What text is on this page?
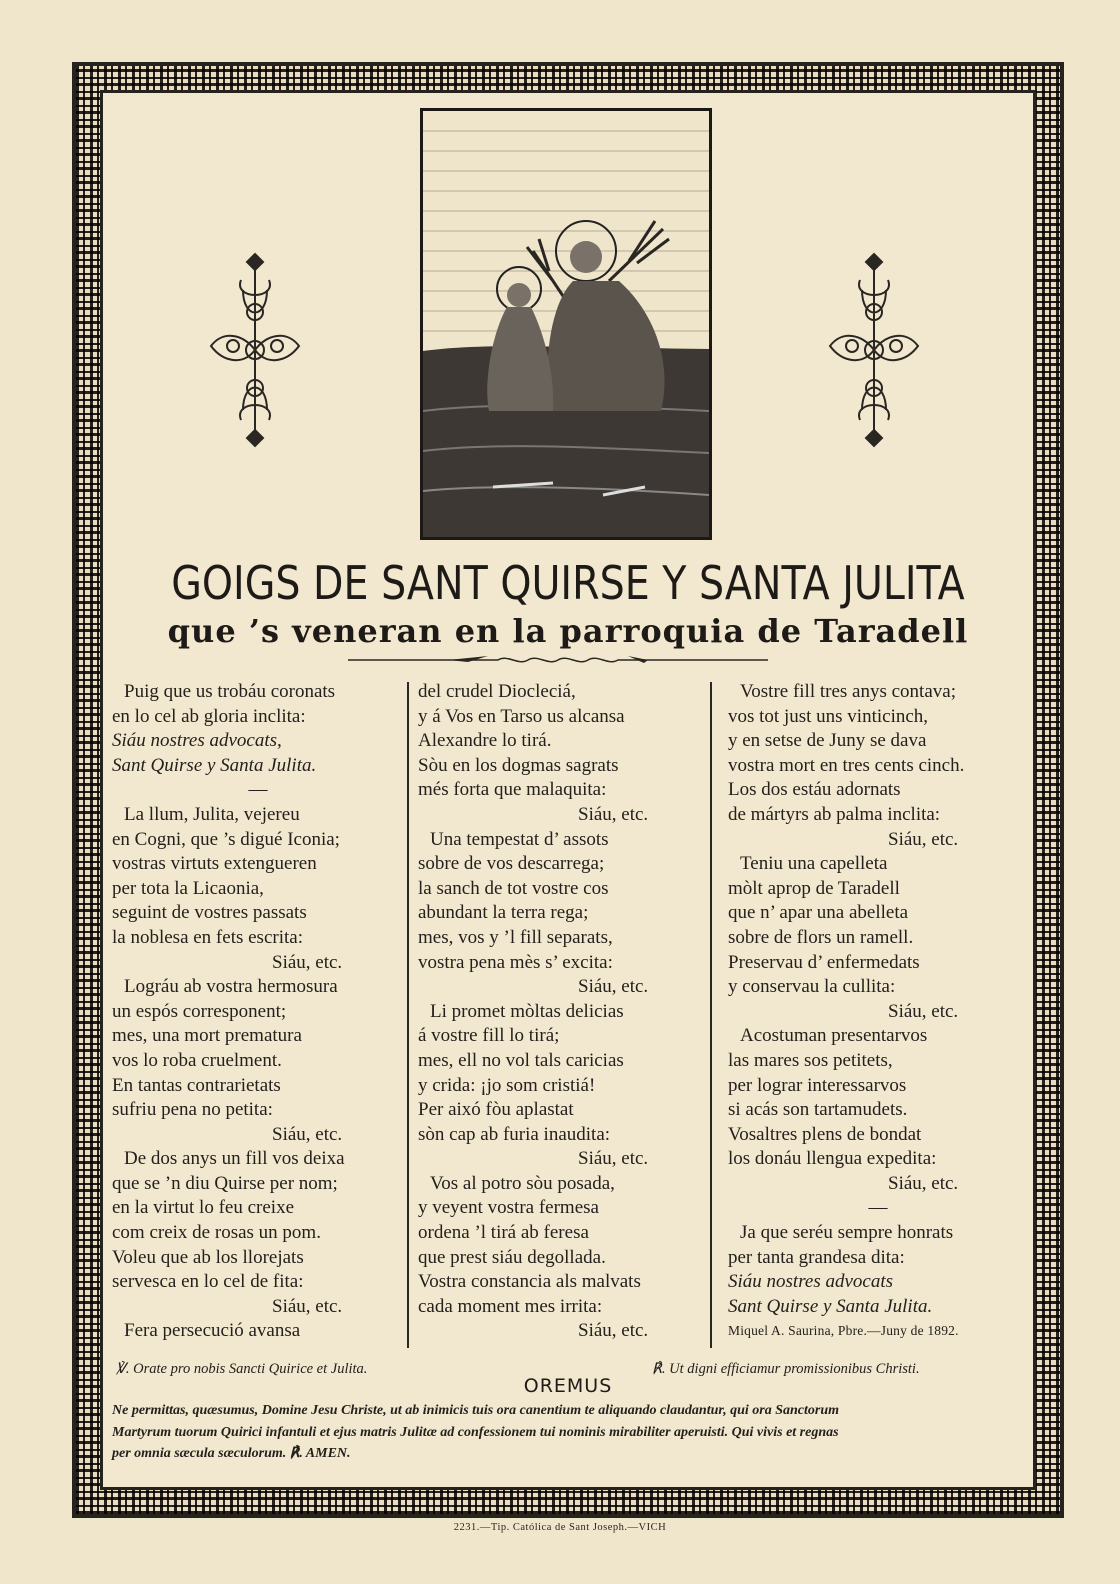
GOIGS DE SANT QUIRSE Y SANTA JULITA
que ’s veneran en la parroquia de Taradell
Puig que us trobáu coronats
en lo cel ab gloria inclita:
Siáu nostres advocats,
Sant Quirse y Santa Julita.
—
La llum, Julita, vejereu
en Cogni, que ’s digué Iconia;
vostras virtuts extengueren
per tota la Licaonia,
seguint de vostres passats
la noblesa en fets escrita:
Siáu, etc.
Lográu ab vostra hermosura
un espós corresponent;
mes, una mort prematura
vos lo roba cruelment.
En tantas contrarietats
sufriu pena no petita:
Siáu, etc.
De dos anys un fill vos deixa
que se ’n diu Quirse per nom;
en la virtut lo feu creixe
com creix de rosas un pom.
Voleu que ab los llorejats
servesca en lo cel de fita:
Siáu, etc.
Fera persecució avansa
del crudel Diocleciá,
y á Vos en Tarso us alcansa
Alexandre lo tirá.
Sòu en los dogmas sagrats
més forta que malaquita:
Siáu, etc.
Una tempestat d’ assots
sobre de vos descarrega;
la sanch de tot vostre cos
abundant la terra rega;
mes, vos y ’l fill separats,
vostra pena mès s’ excita:
Siáu, etc.
Li promet mòltas delicias
á vostre fill lo tirá;
mes, ell no vol tals caricias
y crida: ¡jo som cristiá!
Per aixó fòu aplastat
sòn cap ab furia inaudita:
Siáu, etc.
Vos al potro sòu posada,
y veyent vostra fermesa
ordena ’l tirá ab feresa
que prest siáu degollada.
Vostra constancia als malvats
cada moment mes irrita:
Siáu, etc.
Vostre fill tres anys contava;
vos tot just uns vinticinch,
y en setse de Juny se dava
vostra mort en tres cents cinch.
Los dos estáu adornats
de mártyrs ab palma inclita:
Siáu, etc.
Teniu una capelleta
mòlt aprop de Taradell
que n’ apar una abelleta
sobre de flors un ramell.
Preservau d’ enfermedats
y conservau la cullita:
Siáu, etc.
Acostuman presentarvos
las mares sos petitets,
per lograr interessarvos
si acás son tartamudets.
Vosaltres plens de bondat
los donáu llengua expedita:
Siáu, etc.
—
Ja que seréu sempre honrats
per tanta grandesa dita:
Siáu nostres advocats
Sant Quirse y Santa Julita.
Miquel A. Saurina, Pbre.—Juny de 1892.
℣. Orate pro nobis Sancti Quirice et Julita.	℟. Ut digni efficiamur promissionibus Christi.
OREMUS
Ne permittas, quæsumus, Domine Jesu Christe, ut ab inimicis tuis ora canentium te aliquando claudantur, qui ora Sanctorum
Martyrum tuorum Quirici infantuli et ejus matris Julitæ ad confessionem tui nominis mirabiliter aperuisti. Qui vivis et regnas
per omnia sæcula sæculorum. ℟. AMEN.
2231.—Tip. Católica de Sant Joseph.—VICH
